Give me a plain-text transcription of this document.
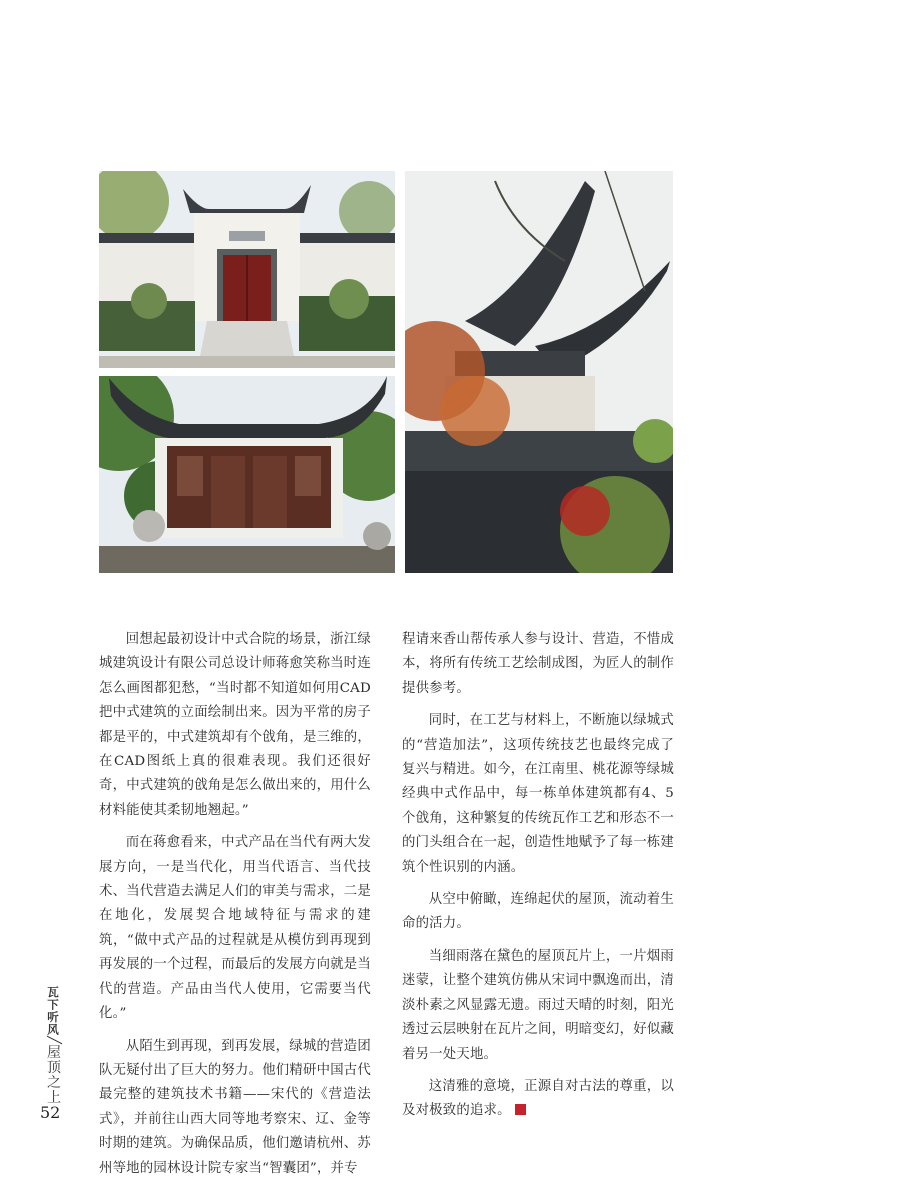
回想起最初设计中式合院的场景，浙江绿城建筑设计有限公司总设计师蒋愈笑称当时连怎么画图都犯愁，“当时都不知道如何用CAD把中式建筑的立面绘制出来。因为平常的房子都是平的，中式建筑却有个戗角，是三维的，在CAD图纸上真的很难表现。我们还很好奇，中式建筑的戗角是怎么做出来的，用什么材料能使其柔韧地翘起。”

而在蒋愈看来，中式产品在当代有两大发展方向，一是当代化，用当代语言、当代技术、当代营造去满足人们的审美与需求，二是在地化，发展契合地域特征与需求的建筑，“做中式产品的过程就是从模仿到再现到再发展的一个过程，而最后的发展方向就是当代的营造。产品由当代人使用，它需要当代化。”

从陌生到再现，到再发展，绿城的营造团队无疑付出了巨大的努力。他们精研中国古代最完整的建筑技术书籍——宋代的《营造法式》，并前往山西大同等地考察宋、辽、金等时期的建筑。为确保品质，他们邀请杭州、苏州等地的园林设计院专家当“智囊团”，并专

程请来香山帮传承人参与设计、营造，不惜成本，将所有传统工艺绘制成图，为匠人的制作提供参考。

同时，在工艺与材料上，不断施以绿城式的“营造加法”，这项传统技艺也最终完成了复兴与精进。如今，在江南里、桃花源等绿城经典中式作品中，每一栋单体建筑都有4、5个戗角，这种繁复的传统瓦作工艺和形态不一的门头组合在一起，创造性地赋予了每一栋建筑个性识别的内涵。

从空中俯瞰，连绵起伏的屋顶，流动着生命的活力。

当细雨落在黛色的屋顶瓦片上，一片烟雨迷蒙，让整个建筑仿佛从宋词中飘逸而出，清淡朴素之风显露无遗。雨过天晴的时刻，阳光透过云层映射在瓦片之间，明暗变幻，好似藏着另一处天地。

这清雅的意境，正源自对古法的尊重，以及对极致的追求。

瓦下听风╱屋顶之上
52
